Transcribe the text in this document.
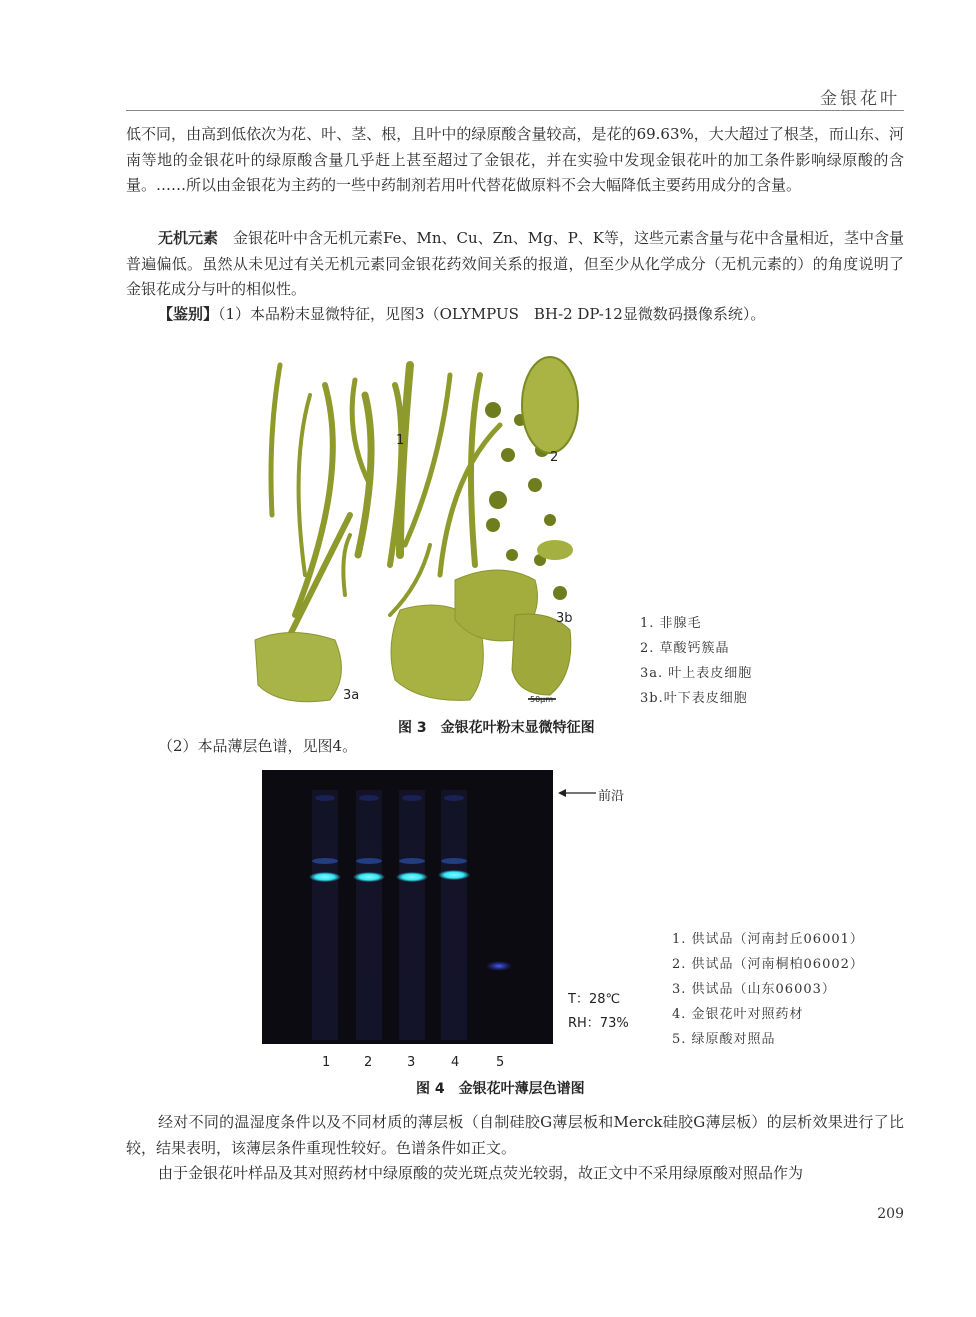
金银花叶

低不同，由高到低依次为花、叶、茎、根，且叶中的绿原酸含量较高，是花的69.63%，大大超过了根茎，而山东、河南等地的金银花叶的绿原酸含量几乎赶上甚至超过了金银花，并在实验中发现金银花叶的加工条件影响绿原酸的含量。……所以由金银花为主药的一些中药制剂若用叶代替花做原料不会大幅降低主要药用成分的含量。

无机元素　金银花叶中含无机元素Fe、Mn、Cu、Zn、Mg、P、K等，这些元素含量与花中含量相近，茎中含量普遍偏低。虽然从未见过有关无机元素同金银花药效间关系的报道，但至少从化学成分（无机元素的）的角度说明了金银花成分与叶的相似性。

【鉴别】（1）本品粉末显微特征，见图3（OLYMPUS　BH-2 DP-12显微数码摄像系统）。

1
2
3b
3a	50μm
1. 非腺毛
2. 草酸钙簇晶
3a. 叶上表皮细胞
3b.叶下表皮细胞
图 3　金银花叶粉末显微特征图

（2）本品薄层色谱，见图4。

前沿
T：28℃
RH：73%
1	2	3	4	5
1. 供试品（河南封丘06001）
2. 供试品（河南桐柏06002）
3. 供试品（山东06003）
4. 金银花叶对照药材
5. 绿原酸对照品
图 4　金银花叶薄层色谱图

经对不同的温湿度条件以及不同材质的薄层板（自制硅胶G薄层板和Merck硅胶G薄层板）的层析效果进行了比较，结果表明，该薄层条件重现性较好。色谱条件如正文。

由于金银花叶样品及其对照药材中绿原酸的荧光斑点荧光较弱，故正文中不采用绿原酸对照品作为

209
